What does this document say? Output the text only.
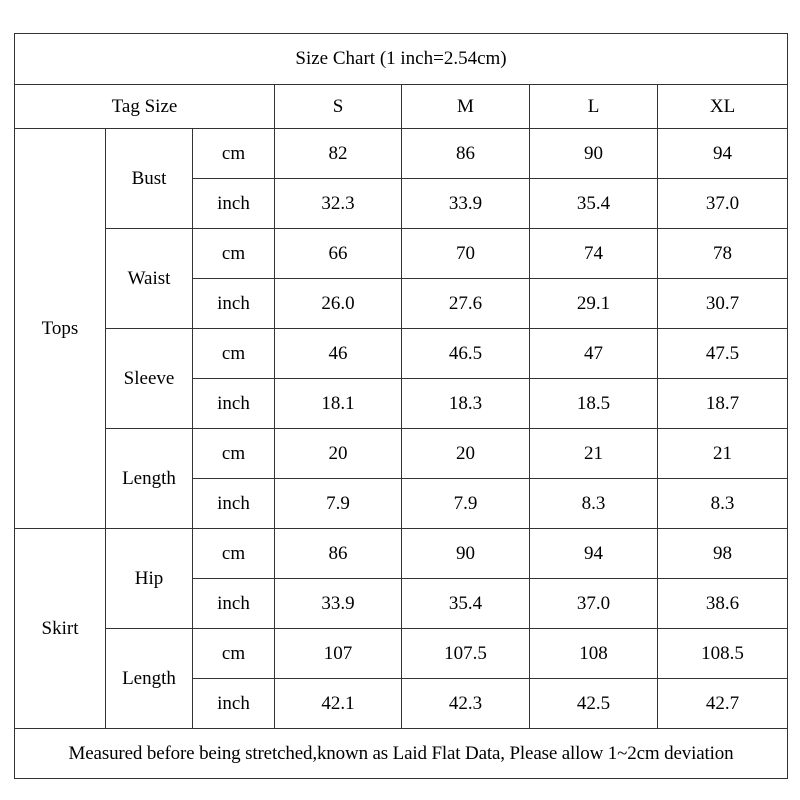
Size Chart (1 inch=2.54cm)						
Tag Size			S	M	L	XL
Tops	Bust	cm	82	86	90	94
		inch	32.3	33.9	35.4	37.0
	Waist	cm	66	70	74	78
		inch	26.0	27.6	29.1	30.7
	Sleeve	cm	46	46.5	47	47.5
		inch	18.1	18.3	18.5	18.7
	Length	cm	20	20	21	21
		inch	7.9	7.9	8.3	8.3
Skirt	Hip	cm	86	90	94	98
		inch	33.9	35.4	37.0	38.6
	Length	cm	107	107.5	108	108.5
		inch	42.1	42.3	42.5	42.7
Measured before being stretched,known as Laid Flat Data, Please allow 1~2cm deviation						
